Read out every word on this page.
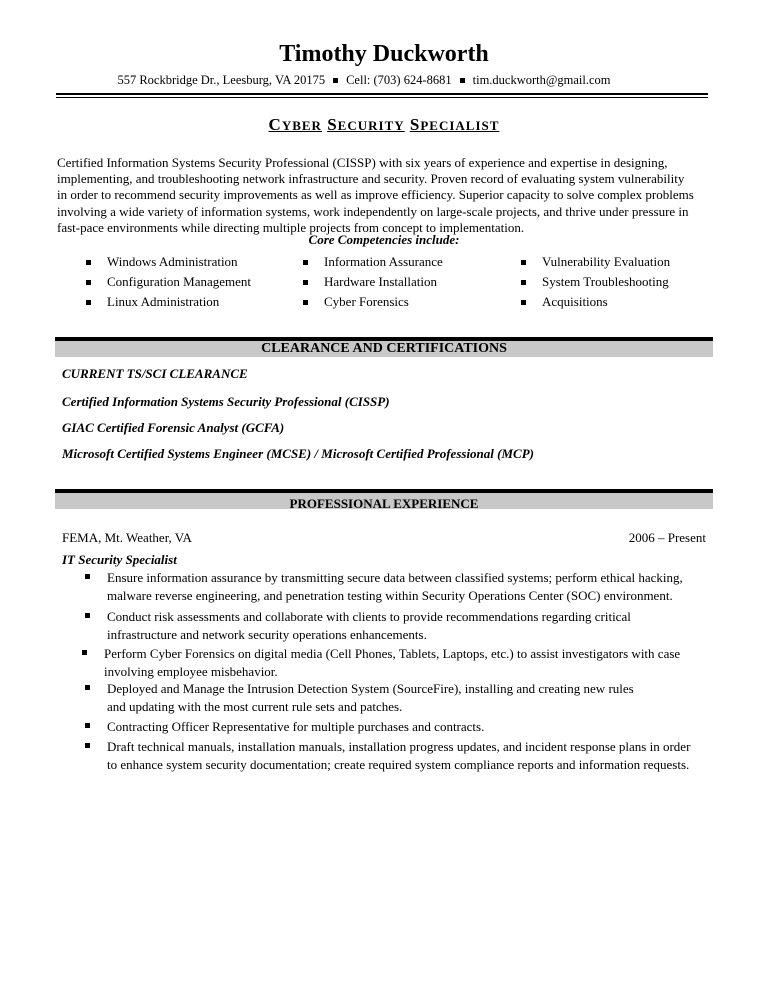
Timothy Duckworth
557 Rockbridge Dr., Leesburg, VA 20175 Cell: (703) 624-8681 tim.duckworth@gmail.com
CYBER SECURITY SPECIALIST
Certified Information Systems Security Professional (CISSP) with six years of experience and expertise in designing,
implementing, and troubleshooting network infrastructure and security. Proven record of evaluating system vulnerability
in order to recommend security improvements as well as improve efficiency. Superior capacity to solve complex problems
involving a wide variety of information systems, work independently on large-scale projects, and thrive under pressure in
fast-pace environments while directing multiple projects from concept to implementation.
Core Competencies include:
Windows Administration
Configuration Management
Linux Administration
Information Assurance
Hardware Installation
Cyber Forensics
Vulnerability Evaluation
System Troubleshooting
Acquisitions
CLEARANCE AND CERTIFICATIONS
CURRENT TS/SCI CLEARANCE
Certified Information Systems Security Professional (CISSP)
GIAC Certified Forensic Analyst (GCFA)
Microsoft Certified Systems Engineer (MCSE) / Microsoft Certified Professional (MCP)
PROFESSIONAL EXPERIENCE
FEMA, Mt. Weather, VA	2006 – Present
IT Security Specialist
Ensure information assurance by transmitting secure data between classified systems; perform ethical hacking,
malware reverse engineering, and penetration testing within Security Operations Center (SOC) environment.
Conduct risk assessments and collaborate with clients to provide recommendations regarding critical
infrastructure and network security operations enhancements.
Perform Cyber Forensics on digital media (Cell Phones, Tablets, Laptops, etc.) to assist investigators with case
involving employee misbehavior.
Deployed and Manage the Intrusion Detection System (SourceFire), installing and creating new rules
and updating with the most current rule sets and patches.
Contracting Officer Representative for multiple purchases and contracts.
Draft technical manuals, installation manuals, installation progress updates, and incident response plans in order
to enhance system security documentation; create required system compliance reports and information requests.
